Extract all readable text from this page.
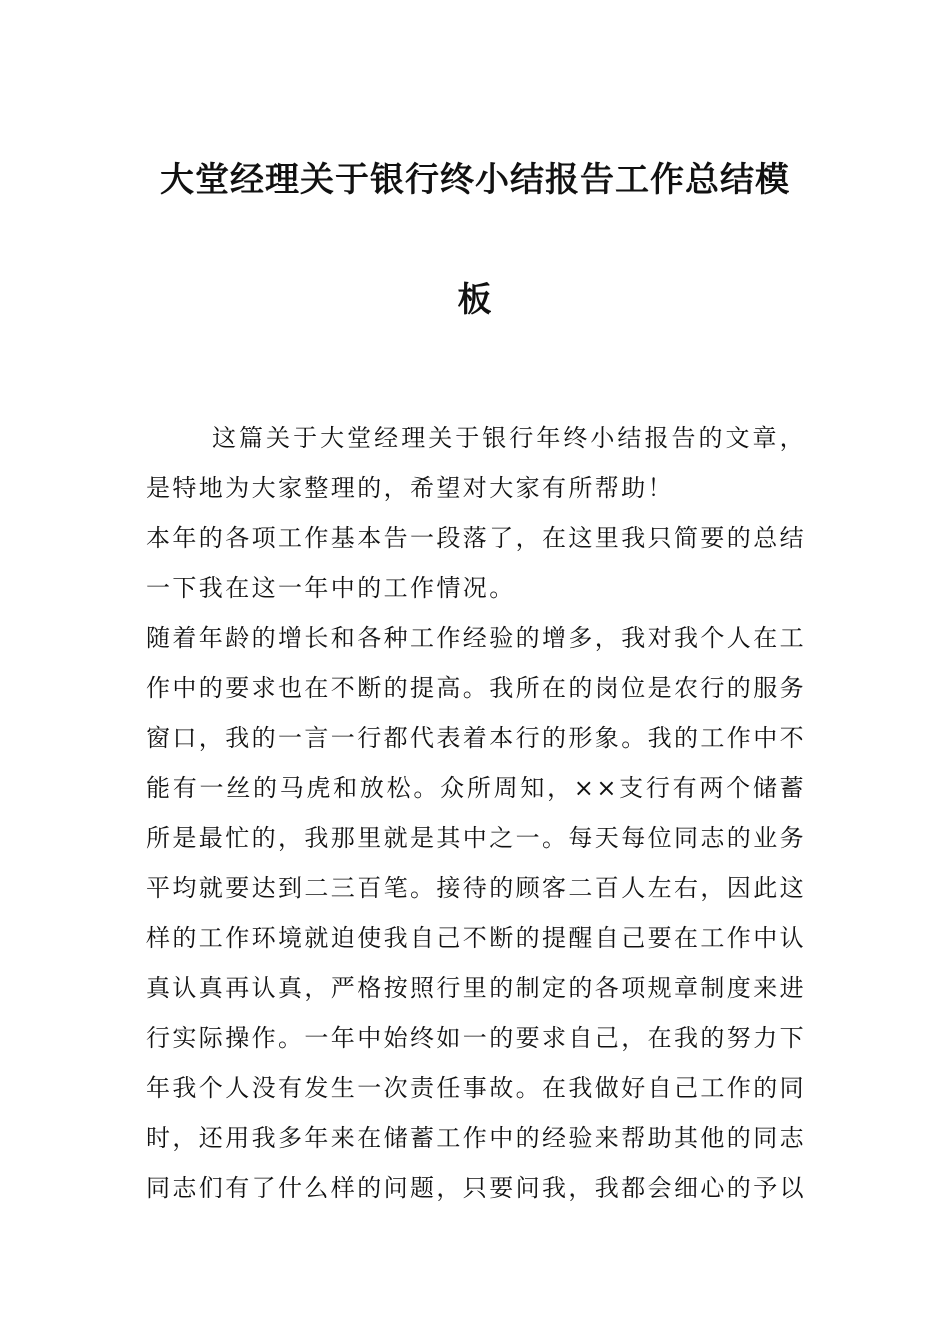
大堂经理关于银行终小结报告工作总结模
板

这篇关于大堂经理关于银行年终小结报告的文章，是特地为大家整理的，希望对大家有所帮助！

本年的各项工作基本告一段落了，在这里我只简要的总结一下我在这一年中的工作情况。

随着年龄的增长和各种工作经验的增多，我对我个人在工作中的要求也在不断的提高。我所在的岗位是农行的服务窗口，我的一言一行都代表着本行的形象。我的工作中不能有一丝的马虎和放松。众所周知，××支行有两个储蓄所是最忙的，我那里就是其中之一。每天每位同志的业务平均就要达到二三百笔。接待的顾客二百人左右，因此这样的工作环境就迫使我自己不断的提醒自己要在工作中认真认真再认真，严格按照行里的制定的各项规章制度来进行实际操作。一年中始终如一的要求自己，在我的努力下年我个人没有发生一次责任事故。在我做好自己工作的同时，还用我多年来在储蓄工作中的经验来帮助其他的同志同志们有了什么样的问题，只要问我，我都会细心的予以
